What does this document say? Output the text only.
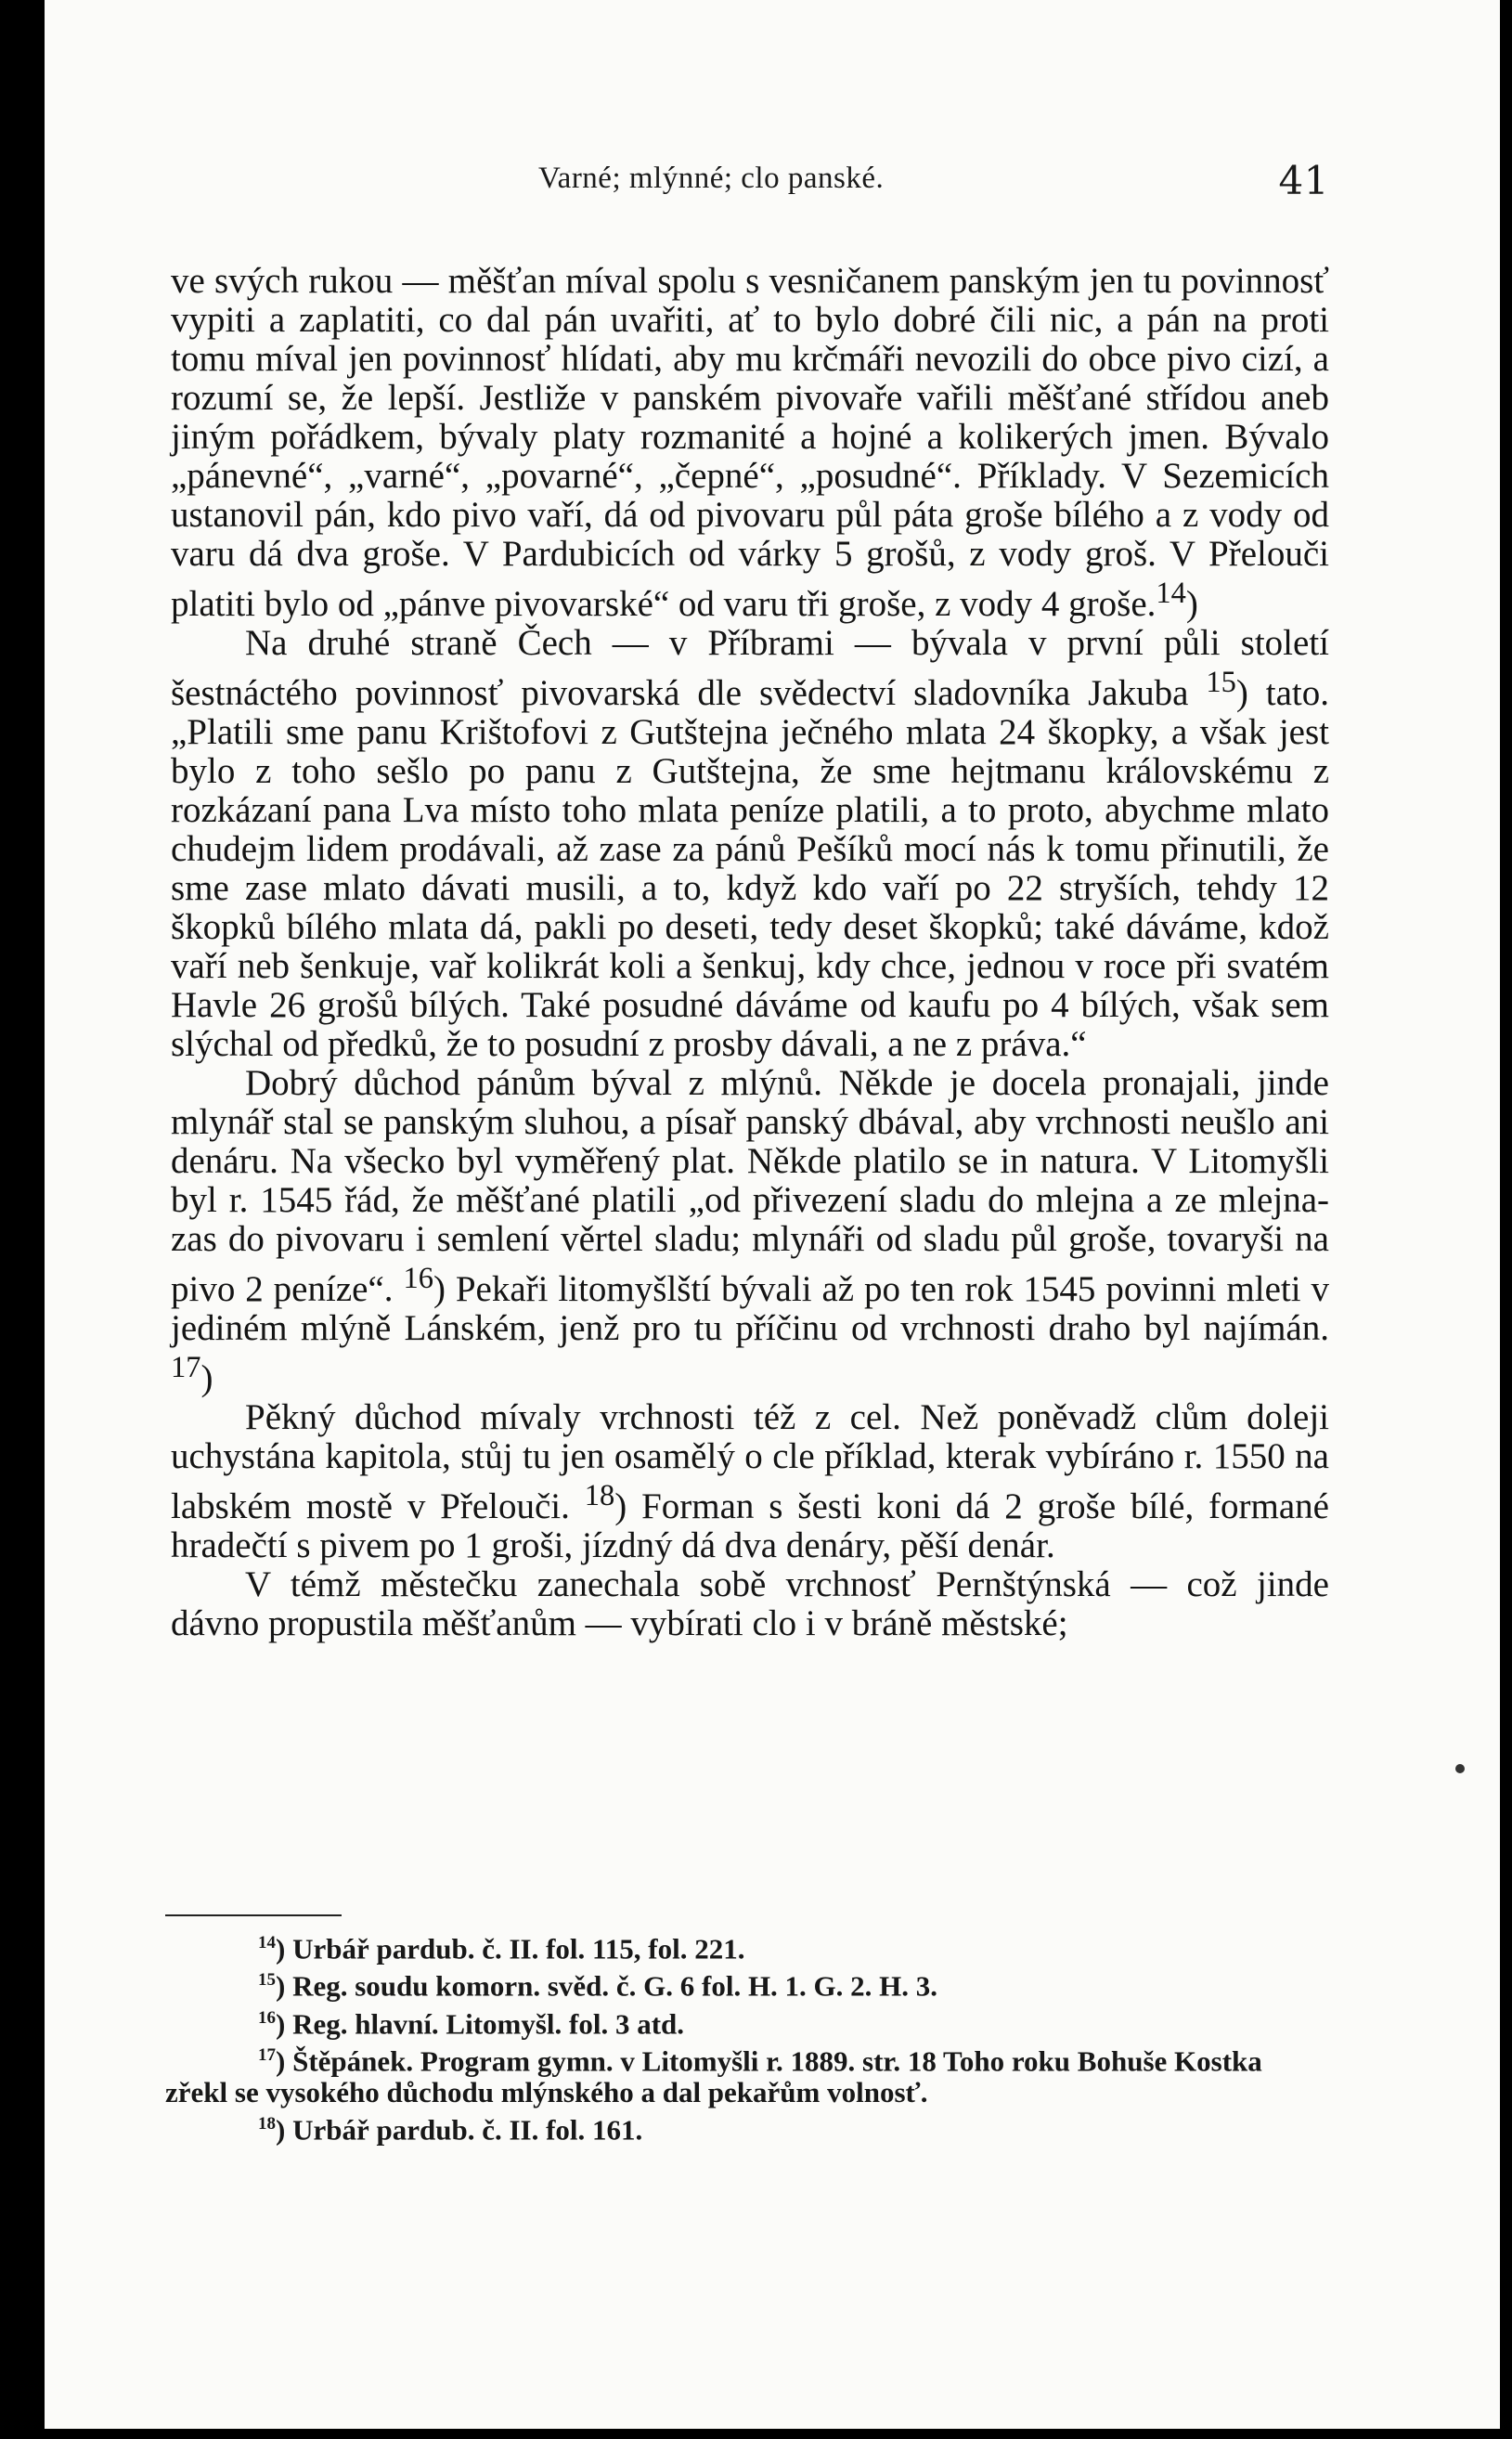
Varné; mlýnné; clo panské.	41

ve svých rukou — měšťan míval spolu s vesničanem panským jen tu povinnosť vypiti a zaplatiti, co dal pán uvařiti, ať to bylo dobré čili nic, a pán na proti tomu míval jen povinnosť hlídati, aby mu krčmáři nevozili do obce pivo cizí, a rozumí se, že lepší. Jestliže v panském pivovaře vařili měšťané střídou aneb jiným pořádkem, bývaly platy rozmanité a hojné a kolikerých jmen. Bývalo „pánevné“, „varné“, „povarné“, „čepné“, „posudné“. Příklady. V Sezemicích ustanovil pán, kdo pivo vaří, dá od pivovaru půl páta groše bílého a z vody od varu dá dva groše. V Pardubicích od várky 5 grošů, z vody groš. V Přelouči platiti bylo od „pánve pivovarské“ od varu tři groše, z vody 4 groše.$^{14}$)

Na druhé straně Čech — v Příbrami — bývala v první půli století šestnáctého povinnosť pivovarská dle svědectví sladovníka Jakuba $^{15}$) tato. „Platili sme panu Krištofovi z Gutštejna ječného mlata 24 škopky, a však jest bylo z toho sešlo po panu z Gutštejna, že sme hejtmanu královskému z rozkázaní pana Lva místo toho mlata peníze platili, a to proto, abychme mlato chudejm lidem prodávali, až zase za pánů Pešíků mocí nás k tomu přinutili, že sme zase mlato dávati musili, a to, když kdo vaří po 22 stryších, tehdy 12 škopků bílého mlata dá, pakli po deseti, tedy deset škopků; také dáváme, kdož vaří neb šenkuje, vař kolikrát koli a šenkuj, kdy chce, jednou v roce při svatém Havle 26 grošů bílých. Také posudné dáváme od kaufu po 4 bílých, však sem slýchal od předků, že to posudní z prosby dávali, a ne z práva.“

Dobrý důchod pánům býval z mlýnů. Někde je docela pronajali, jinde mlynář stal se panským sluhou, a písař panský dbával, aby vrchnosti neušlo ani denáru. Na všecko byl vyměřený plat. Někde platilo se in natura. V Litomyšli byl r. 1545 řád, že měšťané platili „od přivezení sladu do mlejna a ze mlejna-zas do pivovaru i semlení věrtel sladu; mlynáři od sladu půl groše, tovaryši na pivo 2 peníze“. $^{16}$) Pekaři litomyšlští bývali až po ten rok 1545 povinni mleti v jediném mlýně Lánském, jenž pro tu příčinu od vrchnosti draho byl najímán. $^{17}$)

Pěkný důchod mívaly vrchnosti též z cel. Než poněvadž clům doleji uchystána kapitola, stůj tu jen osamělý o cle příklad, kterak vybíráno r. 1550 na labském mostě v Přelouči. $^{18}$) Forman s šesti koni dá 2 groše bílé, formané hradečtí s pivem po 1 groši, jízdný dá dva denáry, pěší denár.

V témž městečku zanechala sobě vrchnosť Pernštýnská — což jinde dávno propustila měšťanům — vybírati clo i v bráně městské;

$^{14}$) Urbář pardub. č. II. fol. 115, fol. 221.

$^{15}$) Reg. soudu komorn. svěd. č. G. 6 fol. H. 1. G. 2. H. 3.

$^{16}$) Reg. hlavní. Litomyšl. fol. 3 atd.

$^{17}$) Štěpánek. Program gymn. v Litomyšli r. 1889. str. 18 Toho roku Bohuše Kostka zřekl se vysokého důchodu mlýnského a dal pekařům volnosť.

$^{18}$) Urbář pardub. č. II. fol. 161.
